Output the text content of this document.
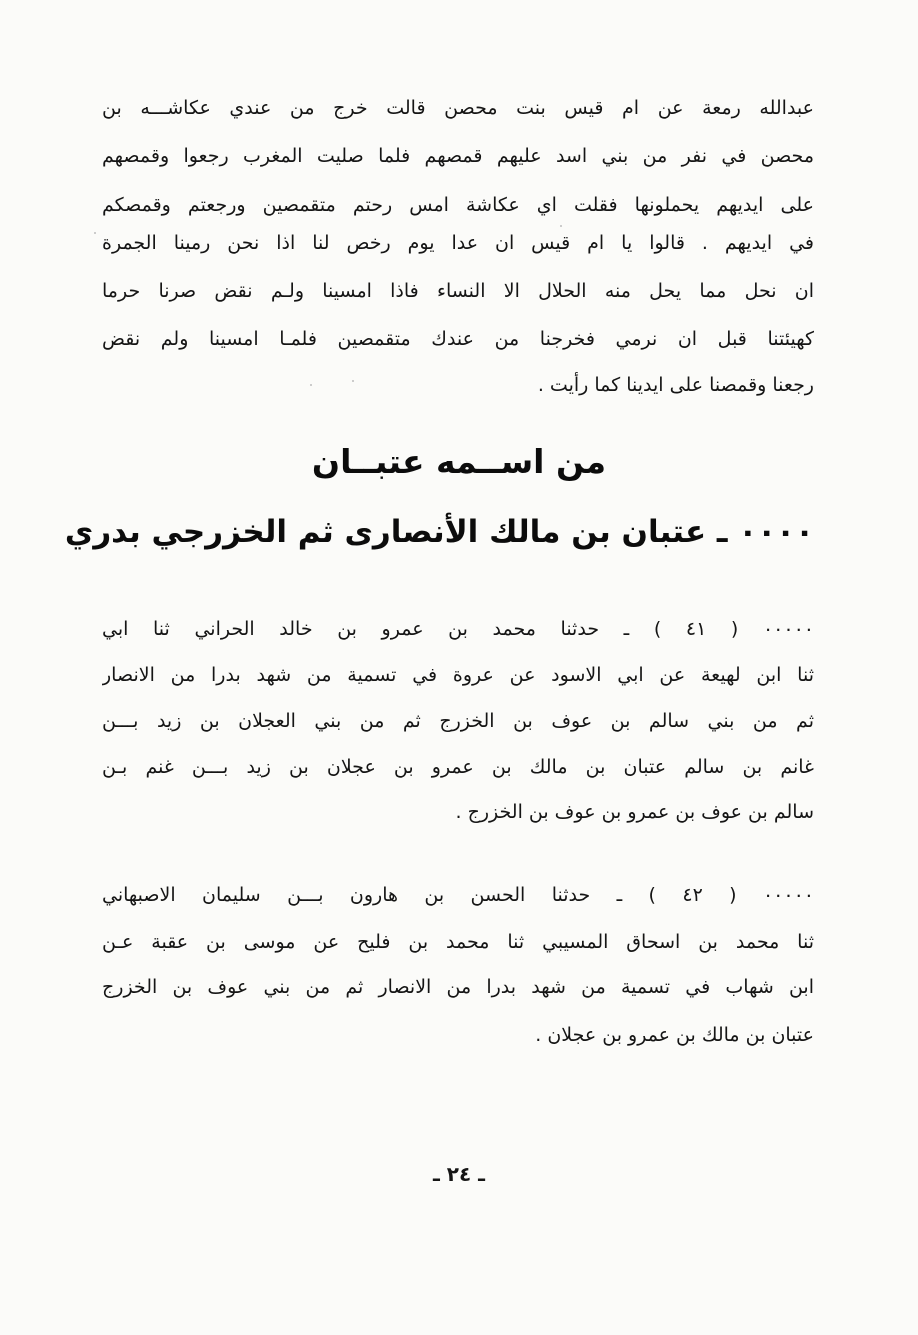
عبدالله رمعة عن ام قيس بنت محصن قالت خرج من عندي عكاشـــه بن
محصن في نفر من بني اسد عليهم قمصهم فلما صليت المغرب رجعوا وقمصهم
على ايديهم يحملونها فقلت اي عكاشة امس رحتم متقمصين ورجعتم وقمصكم
في ايديهم . قالوا يا ام قيس ان عدا يوم رخص لنا اذا نحن رمينا الجمرة
ان نحل مما يحل منه الحلال الا النساء فاذا امسينا ولـم نقض صرنا حرما
كهيئتنا قبل ان نرمي فخرجنا من عندك متقمصين فلمـا امسينا ولم نقض
رجعنا وقمصنا على ايدينا كما رأيت .
من اســمه عتبــان
٠٠٠٠ ـ عتبان بن مالك الأنصارى ثم الخزرجي بدري
٠٠٠٠٠ ( ٤١ ) ـ حدثنا محمد بن عمرو بن خالد الحراني ثنا ابي
ثنا ابن لهيعة عن ابي الاسود عن عروة في تسمية من شهد بدرا من الانصار
ثم من بني سالم بن عوف بن الخزرج ثم من بني العجلان بن زيد بـــن
غانم بن سالم عتبان بن مالك بن عمرو بن عجلان بن زيد بـــن غنم بـن
سالم بن عوف بن عمرو بن عوف بن الخزرج .
٠٠٠٠٠ ( ٤٢ ) ـ حدثنا الحسن بن هارون بـــن سليمان الاصبهاني
ثنا محمد بن اسحاق المسيبي ثنا محمد بن فليح عن موسى بن عقبة عـن
ابن شهاب في تسمية من شهد بدرا من الانصار ثم من بني عوف بن الخزرج
عتبان بن مالك بن عمرو بن عجلان .
ـ ٢٤ ـ
